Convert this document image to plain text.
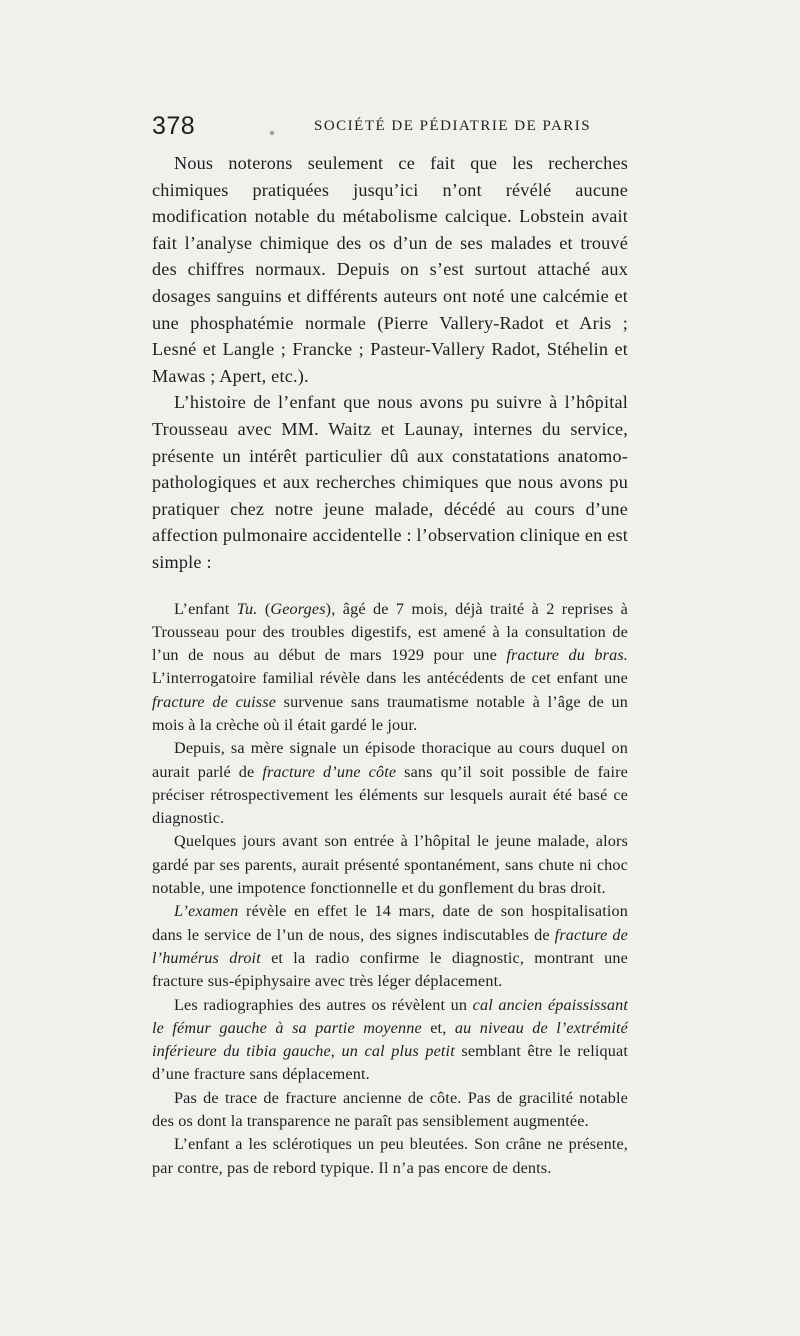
378	SOCIÉTÉ DE PÉDIATRIE DE PARIS

Nous noterons seulement ce fait que les recherches chimiques pratiquées jusqu’ici n’ont révélé aucune modification notable du métabolisme calcique. Lobstein avait fait l’analyse chimique des os d’un de ses malades et trouvé des chiffres normaux. Depuis on s’est surtout attaché aux dosages sanguins et différents auteurs ont noté une calcémie et une phosphatémie normale (Pierre Vallery-Radot et Aris ; Lesné et Langle ; Francke ; Pasteur-Vallery Radot, Stéhelin et Mawas ; Apert, etc.).

L’histoire de l’enfant que nous avons pu suivre à l’hôpital Trousseau avec MM. Waitz et Launay, internes du service, présente un intérêt particulier dû aux constatations anatomo-pathologiques et aux recherches chimiques que nous avons pu pratiquer chez notre jeune malade, décédé au cours d’une affection pulmonaire accidentelle : l’observation clinique en est simple :

L’enfant Tu. (Georges), âgé de 7 mois, déjà traité à 2 reprises à Trousseau pour des troubles digestifs, est amené à la consultation de l’un de nous au début de mars 1929 pour une fracture du bras. L’interrogatoire familial révèle dans les antécédents de cet enfant une fracture de cuisse survenue sans traumatisme notable à l’âge de un mois à la crèche où il était gardé le jour.

Depuis, sa mère signale un épisode thoracique au cours duquel on aurait parlé de fracture d’une côte sans qu’il soit possible de faire préciser rétrospectivement les éléments sur lesquels aurait été basé ce diagnostic.

Quelques jours avant son entrée à l’hôpital le jeune malade, alors gardé par ses parents, aurait présenté spontanément, sans chute ni choc notable, une impotence fonctionnelle et du gonflement du bras droit.

L’examen révèle en effet le 14 mars, date de son hospitalisation dans le service de l’un de nous, des signes indiscutables de fracture de l’humérus droit et la radio confirme le diagnostic, montrant une fracture sus-épiphysaire avec très léger déplacement.

Les radiographies des autres os révèlent un cal ancien épaississant le fémur gauche à sa partie moyenne et, au niveau de l’extrémité inférieure du tibia gauche, un cal plus petit semblant être le reliquat d’une fracture sans déplacement.

Pas de trace de fracture ancienne de côte. Pas de gracilité notable des os dont la transparence ne paraît pas sensiblement augmentée.

L’enfant a les sclérotiques un peu bleutées. Son crâne ne présente, par contre, pas de rebord typique. Il n’a pas encore de dents.
